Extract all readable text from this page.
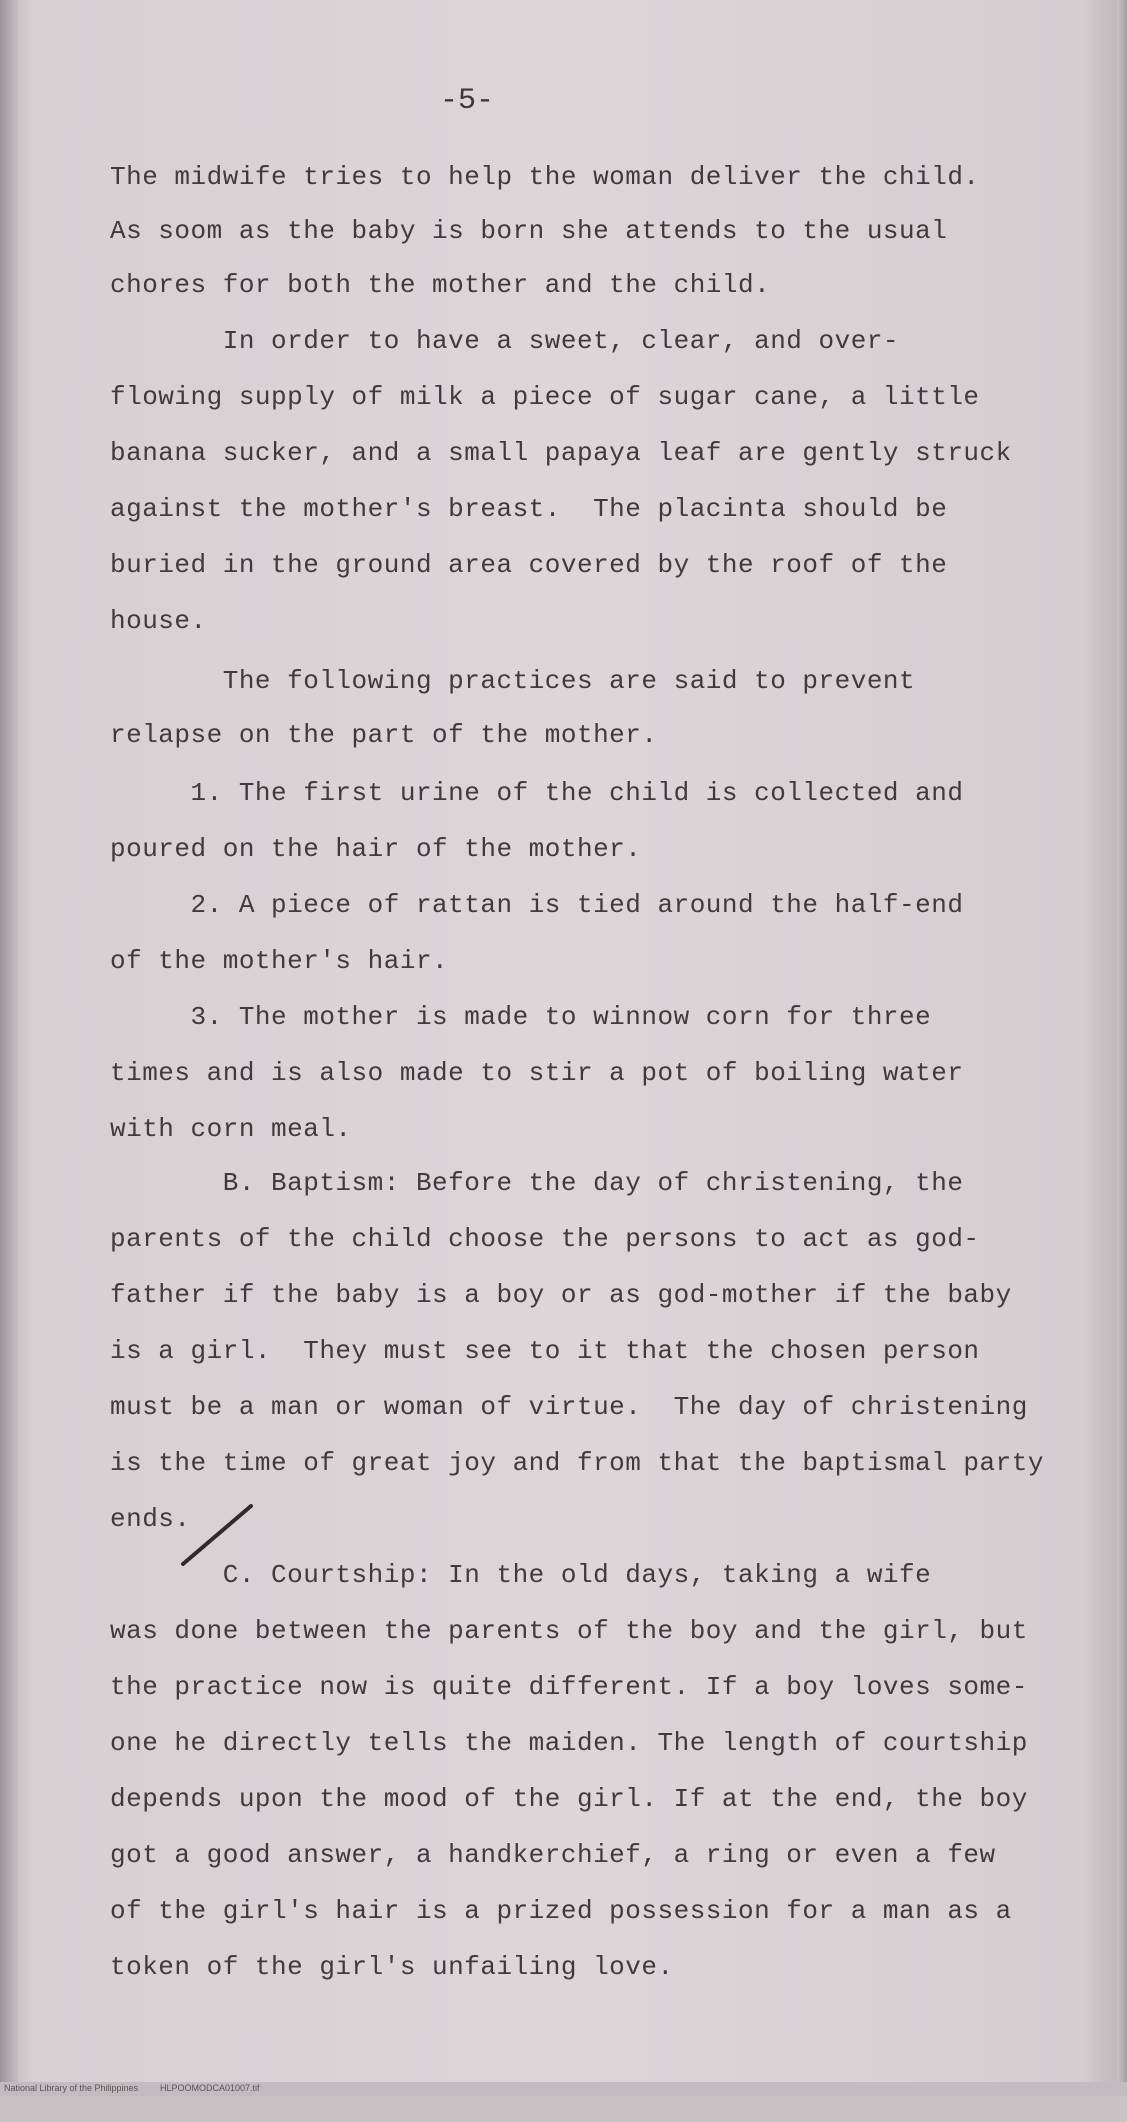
-5-
The midwife tries to help the woman deliver the child.
As soom as the baby is born she attends to the usual
chores for both the mother and the child.
In order to have a sweet, clear, and over-
flowing supply of milk a piece of sugar cane, a little
banana sucker, and a small papaya leaf are gently struck
against the mother's breast.  The placinta should be
buried in the ground area covered by the roof of the
house.
The following practices are said to prevent
relapse on the part of the mother.
1. The first urine of the child is collected and
poured on the hair of the mother.
2. A piece of rattan is tied around the half-end
of the mother's hair.
3. The mother is made to winnow corn for three
times and is also made to stir a pot of boiling water
with corn meal.
B. Baptism: Before the day of christening, the
parents of the child choose the persons to act as god-
father if the baby is a boy or as god-mother if the baby
is a girl.  They must see to it that the chosen person
must be a man or woman of virtue.  The day of christening
is the time of great joy and from that the baptismal party
ends.
C. Courtship: In the old days, taking a wife
was done between the parents of the boy and the girl, but
the practice now is quite different. If a boy loves some-
one he directly tells the maiden. The length of courtship
depends upon the mood of the girl. If at the end, the boy
got a good answer, a handkerchief, a ring or even a few
of the girl's hair is a prized possession for a man as a
token of the girl's unfailing love.

National Library of the Philippines

HLPOOMODCA01007.tif
